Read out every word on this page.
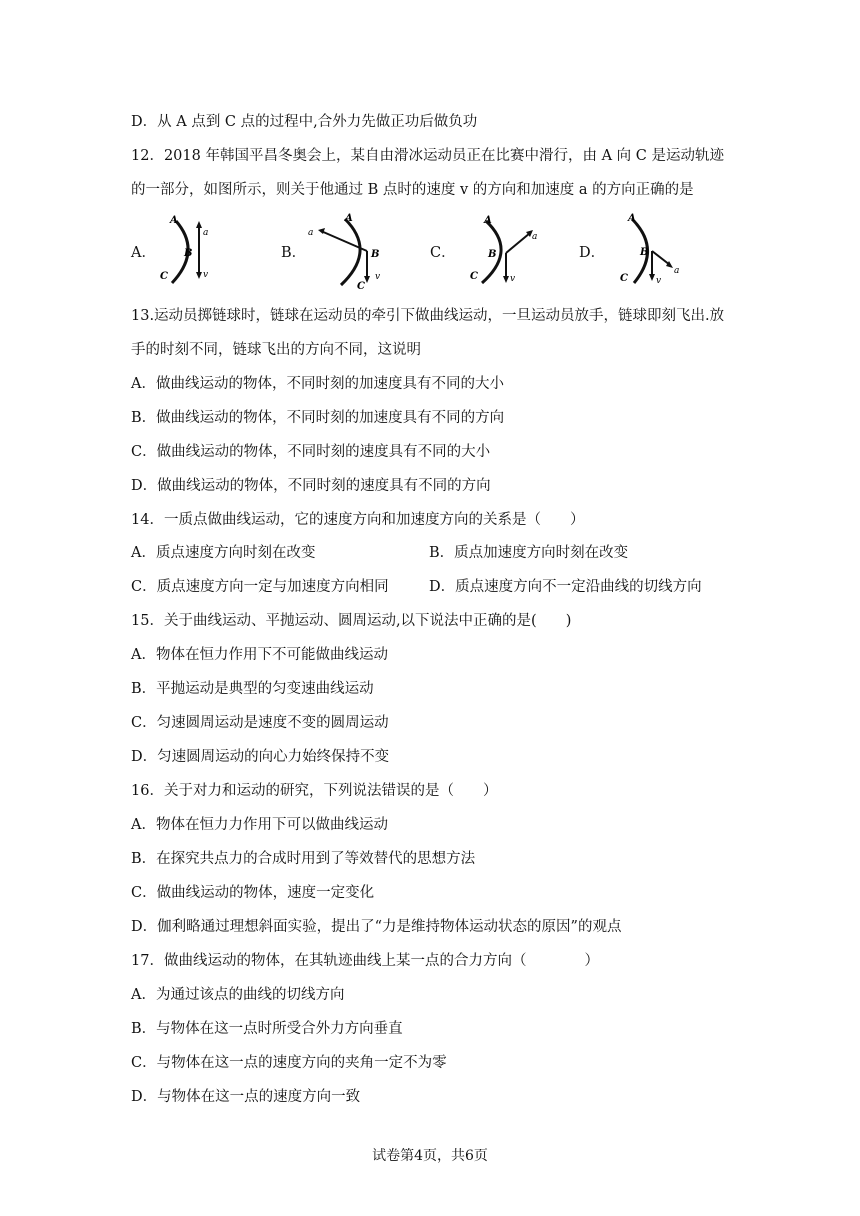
D．从 A 点到 C 点的过程中,合外力先做正功后做负功
12．2018 年韩国平昌冬奥会上，某自由滑冰运动员正在比赛中滑行，由 A 向 C 是运动轨迹
的一部分，如图所示，则关于他通过 B 点时的速度 v 的方向和加速度 a 的方向正确的是
A．
A
B
C
a
v
B．
A
B
C
a
v
C．
A
B
C
a
v
D．
A
B
C
a
v
13.运动员掷链球时，链球在运动员的牵引下做曲线运动，一旦运动员放手，链球即刻飞出.放
手的时刻不同，链球飞出的方向不同，这说明
A．做曲线运动的物体，不同时刻的加速度具有不同的大小
B．做曲线运动的物体，不同时刻的加速度具有不同的方向
C．做曲线运动的物体，不同时刻的速度具有不同的大小
D．做曲线运动的物体，不同时刻的速度具有不同的方向
14．一质点做曲线运动，它的速度方向和加速度方向的关系是（　　）
A．质点速度方向时刻在改变	B．质点加速度方向时刻在改变
C．质点速度方向一定与加速度方向相同	D．质点速度方向不一定沿曲线的切线方向
15．关于曲线运动、平抛运动、圆周运动,以下说法中正确的是(　　)
A．物体在恒力作用下不可能做曲线运动
B．平抛运动是典型的匀变速曲线运动
C．匀速圆周运动是速度不变的圆周运动
D．匀速圆周运动的向心力始终保持不变
16．关于对力和运动的研究，下列说法错误的是（　　）
A．物体在恒力力作用下可以做曲线运动
B．在探究共点力的合成时用到了等效替代的思想方法
C．做曲线运动的物体，速度一定变化
D．伽利略通过理想斜面实验，提出了“力是维持物体运动状态的原因”的观点
17．做曲线运动的物体，在其轨迹曲线上某一点的合力方向（　　　　）
A．为通过该点的曲线的切线方向
B．与物体在这一点时所受合外力方向垂直
C．与物体在这一点的速度方向的夹角一定不为零
D．与物体在这一点的速度方向一致
试卷第4页，共6页
